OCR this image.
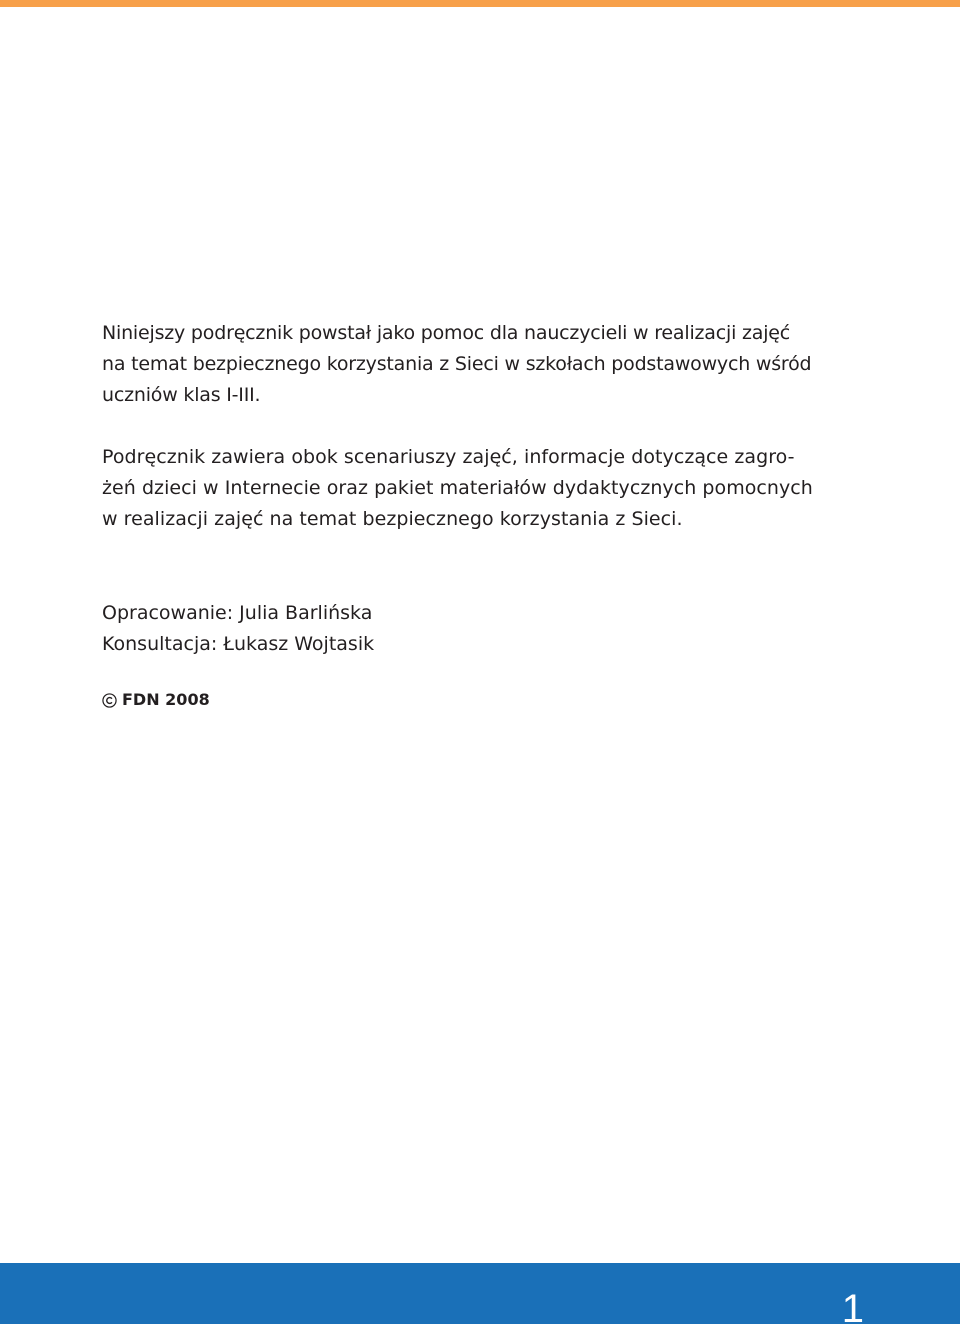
Niniejszy podręcznik powstał jako pomoc dla nauczycieli w realizacji zajęć
na temat bezpiecznego korzystania z Sieci w szkołach podstawowych wśród
uczniów klas I-III.

Podręcznik zawiera obok scenariuszy zajęć, informacje dotyczące zagro-
żeń dzieci w Internecie oraz pakiet materiałów dydaktycznych pomocnych
w realizacji zajęć na temat bezpiecznego korzystania z Sieci.

Opracowanie: Julia Barlińska
Konsultacja: Łukasz Wojtasik
FDN 2008
1
